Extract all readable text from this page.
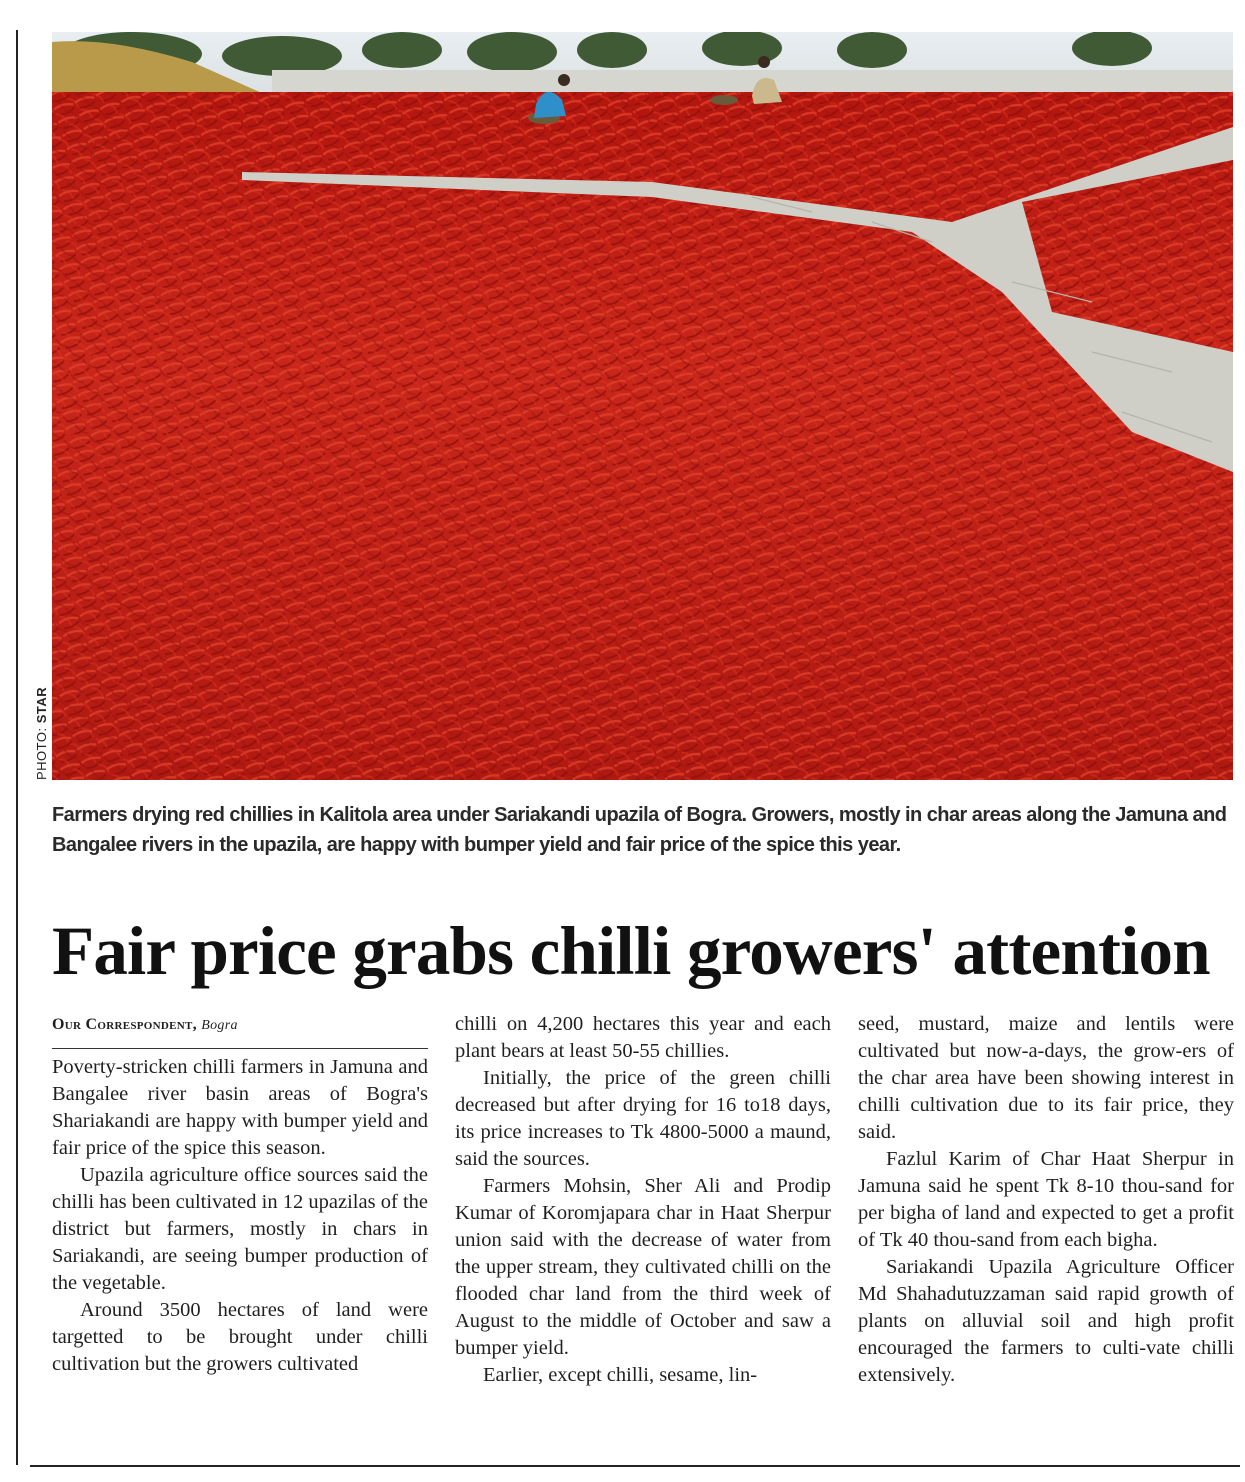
PHOTO: STAR
Farmers drying red chillies in Kalitola area under Sariakandi upazila of Bogra. Growers, mostly in char areas along the Jamuna and Bangalee rivers in the upazila, are happy with bumper yield and fair price of the spice this year.
Fair price grabs chilli growers' attention
Our Correspondent, Bogra

Poverty-stricken chilli farmers in Jamuna and Bangalee river basin areas of Bogra's Shariakandi are happy with bumper yield and fair price of the spice this season.

Upazila agriculture office sources said the chilli has been cultivated in 12 upazilas of the district but farmers, mostly in chars in Sariakandi, are seeing bumper production of the vegetable.

Around 3500 hectares of land were targetted to be brought under chilli cultivation but the growers cultivated

chilli on 4,200 hectares this year and each plant bears at least 50-55 chillies.

Initially, the price of the green chilli decreased but after drying for 16 to18 days, its price increases to Tk 4800-5000 a maund, said the sources.

Farmers Mohsin, Sher Ali and Prodip Kumar of Koromjapara char in Haat Sherpur union said with the decrease of water from the upper stream, they cultivated chilli on the flooded char land from the third week of August to the middle of October and saw a bumper yield.

Earlier, except chilli, sesame, lin-

seed, mustard, maize and lentils were cultivated but now-a-days, the grow-ers of the char area have been showing interest in chilli cultivation due to its fair price, they said.

Fazlul Karim of Char Haat Sherpur in Jamuna said he spent Tk 8-10 thou-sand for per bigha of land and expected to get a profit of Tk 40 thou-sand from each bigha.

Sariakandi Upazila Agriculture Officer Md Shahadutuzzaman said rapid growth of plants on alluvial soil and high profit encouraged the farmers to culti-vate chilli extensively.
